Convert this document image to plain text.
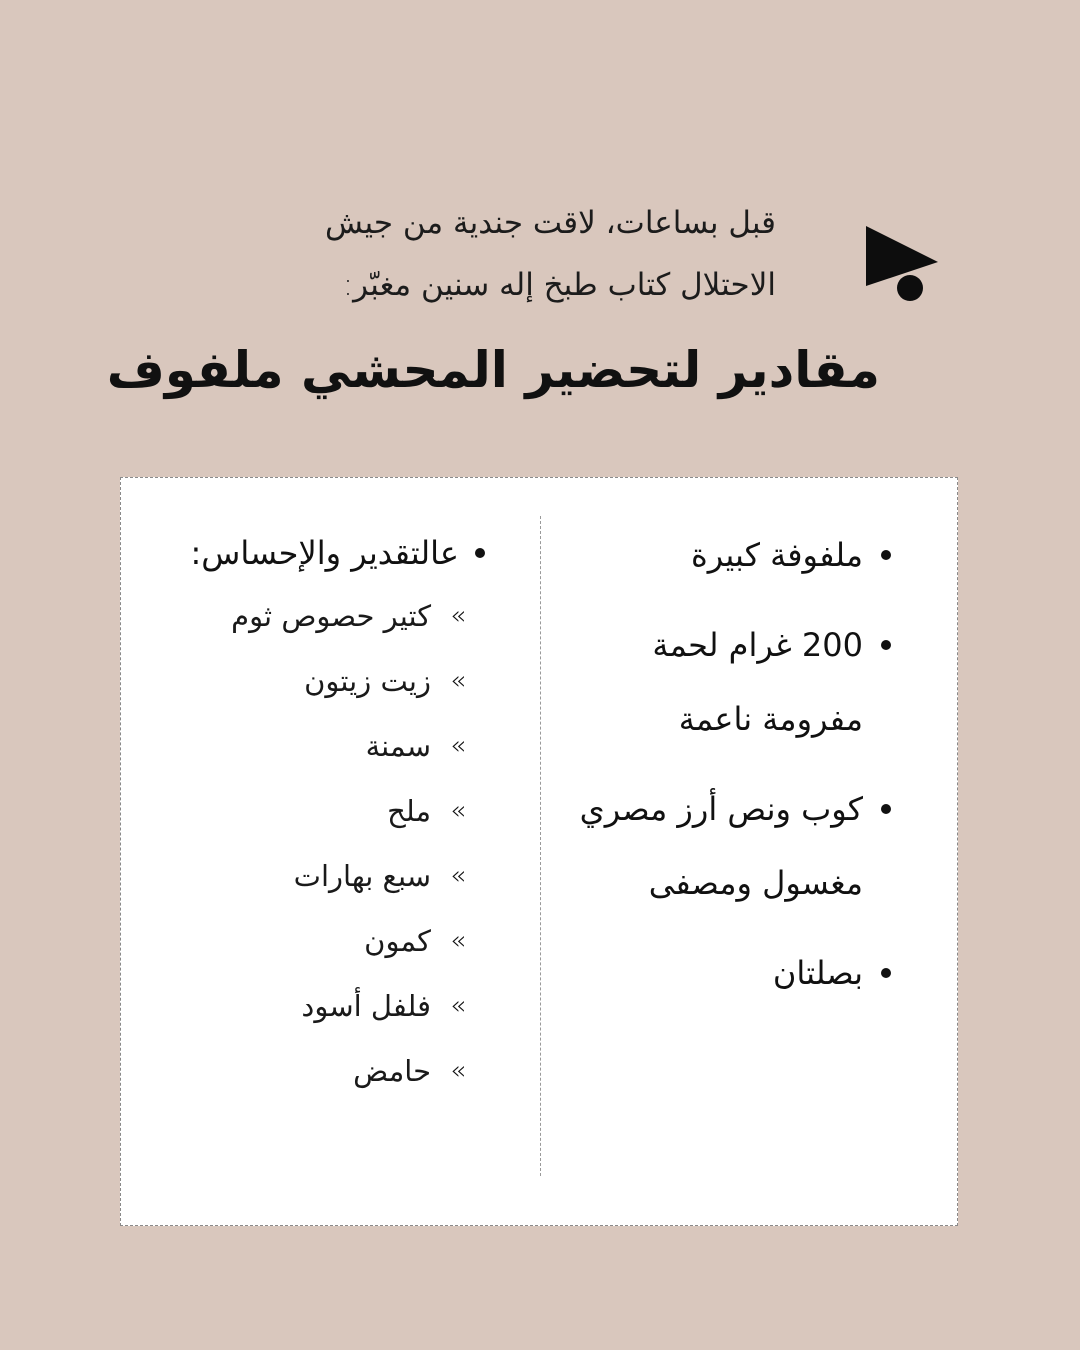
قبل بساعات، لاقت جندية من جيش
الاحتلال كتاب طبخ إله سنين مغبّر:
مقادير لتحضير المحشي ملفوف
ملفوفة كبيرة
200 غرام لحمة مفرومة ناعمة
كوب ونص أرز مصري مغسول ومصفى
بصلتان
عالتقدير والإحساس:
»
كتير حصوص ثوم
»
زيت زيتون
»
سمنة
»
ملح
»
سبع بهارات
»
كمون
»
فلفل أسود
»
حامض
